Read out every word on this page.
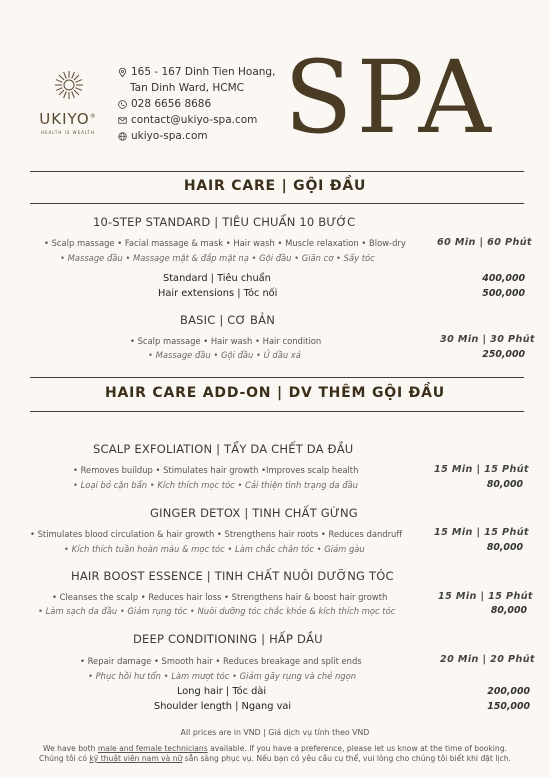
UKIYO®
HEALTH IS WEALTH
165 - 167 Dinh Tien Hoang,
Tan Dinh Ward, HCMC
028 6656 8686
contact@ukiyo-spa.com
ukiyo-spa.com SPA
HAIR CARE | GỘI ĐẦU
10-STEP STANDARD | TIÊU CHUẨN 10 BƯỚC
• Scalp massage • Facial massage & mask • Hair wash • Muscle relaxation • Blow-dry
• Massage đầu • Massage mặt & đắp mặt nạ • Gội đầu • Giãn cơ • Sấy tóc
60 Min | 60 Phút
Standard | Tiêu chuẩn	400,000
Hair extensions | Tóc nối	500,000
BASIC | CƠ BẢN
• Scalp massage • Hair wash • Hair condition
• Massage đầu • Gội đầu • Ủ dầu xả
30 Min | 30 Phút
250,000
HAIR CARE ADD-ON | DV THÊM GỘI ĐẦU
SCALP EXFOLIATION | TẨY DA CHẾT DA ĐẦU
• Removes buildup • Stimulates hair growth •Improves scalp health
• Loại bỏ cặn bẩn • Kích thích mọc tóc • Cải thiện tình trạng da đầu
15 Min | 15 Phút
80,000
GINGER DETOX | TINH CHẤT GỪNG
• Stimulates blood circulation & hair growth • Strengthens hair roots • Reduces dandruff
• Kích thích tuần hoàn máu & mọc tóc • Làm chắc chân tóc • Giảm gàu
15 Min | 15 Phút
80,000
HAIR BOOST ESSENCE | TINH CHẤT NUÔI DƯỠNG TÓC
• Cleanses the scalp • Reduces hair loss • Strengthens hair & boost hair growth
• Làm sạch da đầu • Giảm rụng tóc • Nuôi dưỡng tóc chắc khỏe & kích thích mọc tóc
15 Min | 15 Phút
80,000
DEEP CONDITIONING | HẤP DẦU
• Repair damage • Smooth hair • Reduces breakage and split ends
• Phục hồi hư tổn • Làm mượt tóc • Giảm gãy rụng và chẻ ngọn
20 Min | 20 Phút
Long hair | Tóc dài	200,000
Shoulder length | Ngang vai	150,000
All prices are in VND | Giá dịch vụ tính theo VND
We have both male and female technicians available. If you have a preference, please let us know at the time of booking.
Chúng tôi có kỹ thuật viên nam và nữ sẵn sàng phục vụ. Nếu bạn có yêu cầu cụ thể, vui lòng cho chúng tôi biết khi đặt lịch.
